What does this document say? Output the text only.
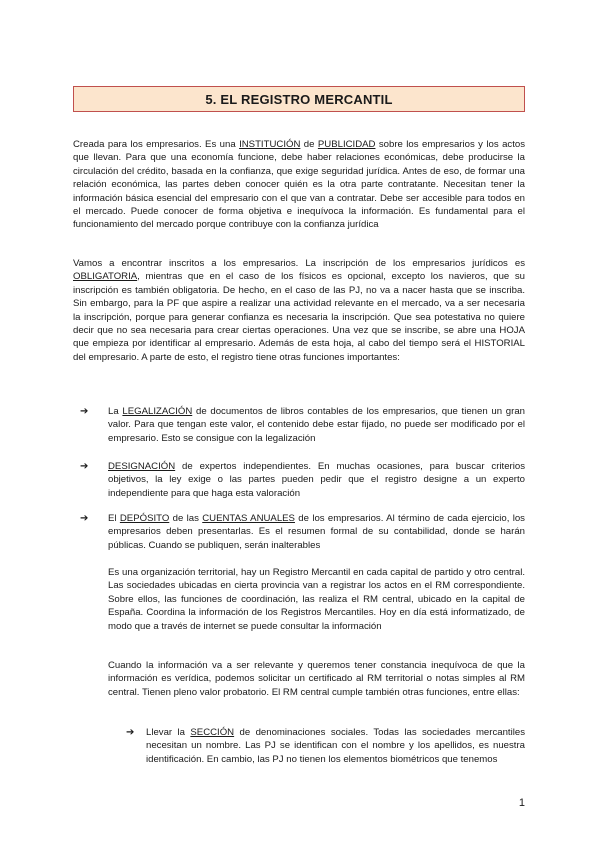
5. EL REGISTRO MERCANTIL

Creada para los empresarios. Es una INSTITUCIÓN de PUBLICIDAD sobre los empresarios y los actos que llevan. Para que una economía funcione, debe haber relaciones económicas, debe producirse la circulación del crédito, basada en la confianza, que exige seguridad jurídica. Antes de eso, de formar una relación económica, las partes deben conocer quién es la otra parte contratante. Necesitan tener la información básica esencial del empresario con el que van a contratar. Debe ser accesible para todos en el mercado. Puede conocer de forma objetiva e inequívoca la información. Es fundamental para el funcionamiento del mercado porque contribuye con la confianza jurídica

Vamos a encontrar inscritos a los empresarios. La inscripción de los empresarios jurídicos es OBLIGATORIA, mientras que en el caso de los físicos es opcional, excepto los navieros, que su inscripción es también obligatoria. De hecho, en el caso de las PJ, no va a nacer hasta que se inscriba. Sin embargo, para la PF que aspire a realizar una actividad relevante en el mercado, va a ser necesaria la inscripción, porque para generar confianza es necesaria la inscripción. Que sea potestativa no quiere decir que no sea necesaria para crear ciertas operaciones. Una vez que se inscribe, se abre una HOJA que empieza por identificar al empresario. Además de esta hoja, al cabo del tiempo será el HISTORIAL del empresario. A parte de esto, el registro tiene otras funciones importantes:

➔	La LEGALIZACIÓN de documentos de libros contables de los empresarios, que tienen un gran valor. Para que tengan este valor, el contenido debe estar fijado, no puede ser modificado por el empresario. Esto se consigue con la legalización

➔	DESIGNACIÓN de expertos independientes. En muchas ocasiones, para buscar criterios objetivos, la ley exige o las partes pueden pedir que el registro designe a un experto independiente para que haga esta valoración

➔	El DEPÓSITO de las CUENTAS ANUALES de los empresarios. Al término de cada ejercicio, los empresarios deben presentarlas. Es el resumen formal de su contabilidad, donde se harán públicas. Cuando se publiquen, serán inalterables

Es una organización territorial, hay un Registro Mercantil en cada capital de partido y otro central. Las sociedades ubicadas en cierta provincia van a registrar los actos en el RM correspondiente. Sobre ellos, las funciones de coordinación, las realiza el RM central, ubicado en la capital de España. Coordina la información de los Registros Mercantiles. Hoy en día está informatizado, de modo que a través de internet se puede consultar la información

Cuando la información va a ser relevante y queremos tener constancia inequívoca de que la información es verídica, podemos solicitar un certificado al RM territorial o notas simples al RM central. Tienen pleno valor probatorio. El RM central cumple también otras funciones, entre ellas:

➔	Llevar la SECCIÓN de denominaciones sociales. Todas las sociedades mercantiles necesitan un nombre. Las PJ se identifican con el nombre y los apellidos, es nuestra identificación. En cambio, las PJ no tienen los elementos biométricos que tenemos

1
